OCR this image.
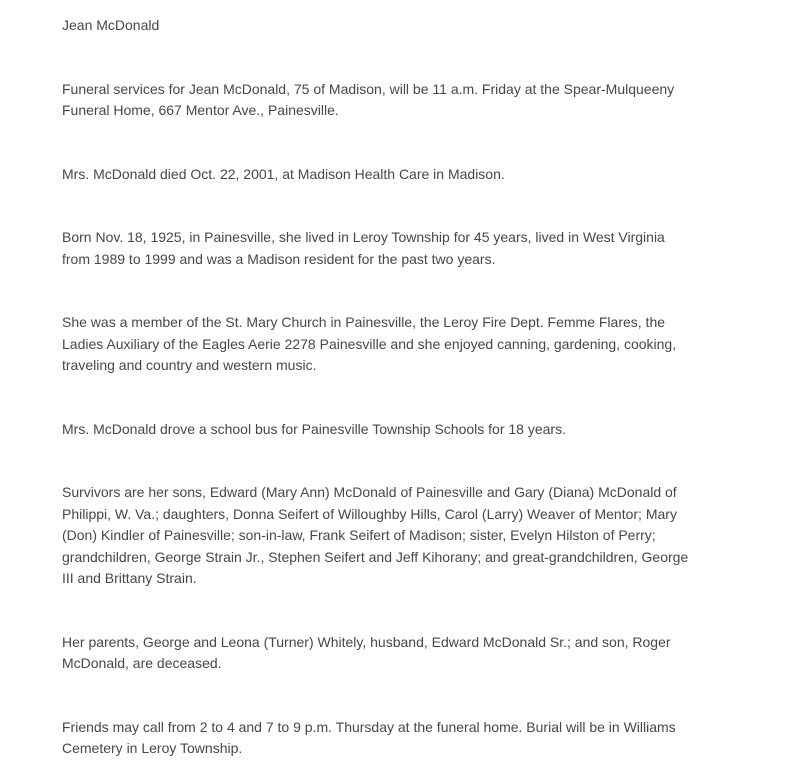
Jean McDonald

Funeral services for Jean McDonald, 75 of Madison, will be 11 a.m. Friday at the Spear-Mulqueeny Funeral Home, 667 Mentor Ave., Painesville.

Mrs. McDonald died Oct. 22, 2001, at Madison Health Care in Madison.

Born Nov. 18, 1925, in Painesville, she lived in Leroy Township for 45 years, lived in West Virginia from 1989 to 1999 and was a Madison resident for the past two years.

She was a member of the St. Mary Church in Painesville, the Leroy Fire Dept. Femme Flares, the Ladies Auxiliary of the Eagles Aerie 2278 Painesville and she enjoyed canning, gardening, cooking, traveling and country and western music.

Mrs. McDonald drove a school bus for Painesville Township Schools for 18 years.

Survivors are her sons, Edward (Mary Ann) McDonald of Painesville and Gary (Diana) McDonald of Philippi, W. Va.; daughters, Donna Seifert of Willoughby Hills, Carol (Larry) Weaver of Mentor; Mary (Don) Kindler of Painesville; son-in-law, Frank Seifert of Madison; sister, Evelyn Hilston of Perry; grandchildren, George Strain Jr., Stephen Seifert and Jeff Kihorany; and great-grandchildren, George III and Brittany Strain.

Her parents, George and Leona (Turner) Whitely, husband, Edward McDonald Sr.; and son, Roger McDonald, are deceased.

Friends may call from 2 to 4 and 7 to 9 p.m. Thursday at the funeral home. Burial will be in Williams Cemetery in Leroy Township.
